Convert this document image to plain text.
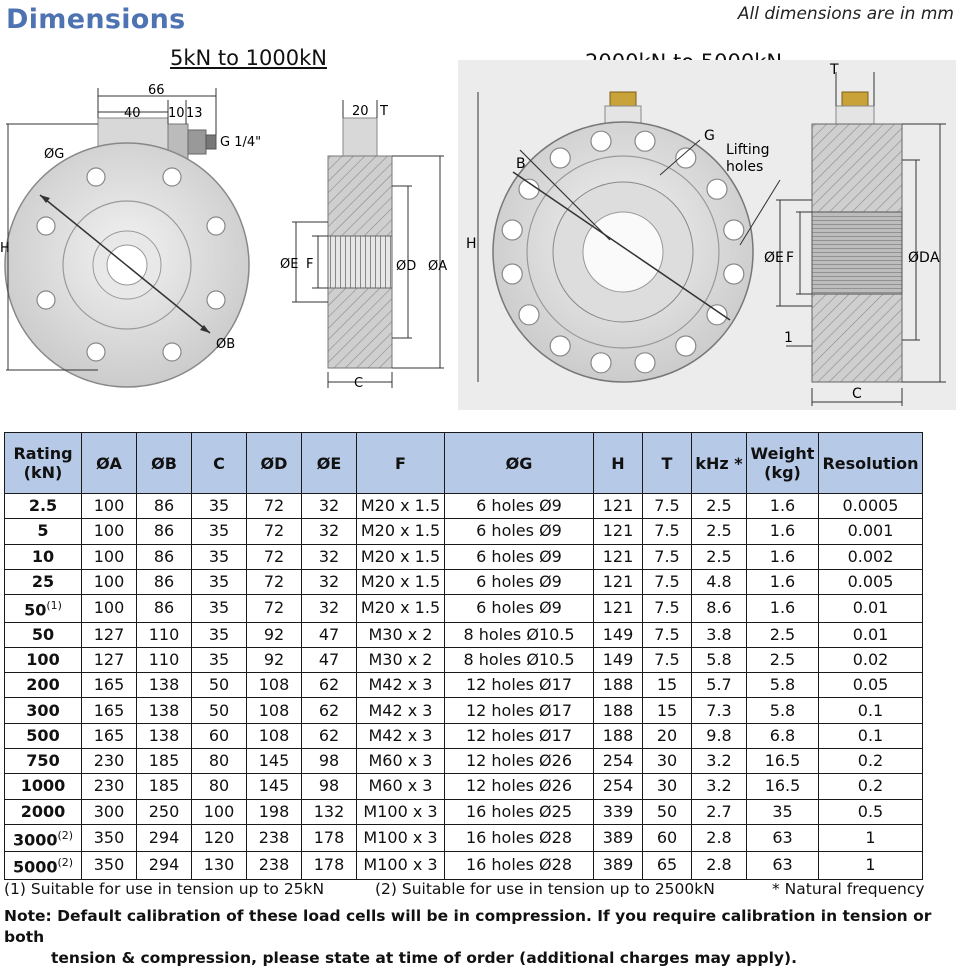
Dimensions	All dimensions are in mm
5kN to 1000kN
66
40 10 13
G 1/4"
ØG
H
ØB
20 T
ØE F	ØD ØA
C
B
G
Lifting
holes
H
T
ØE F	ØD A
1
C
Rating (kN)	ØA	ØB	C	ØD	ØE	F	ØG	H	T	kHz *	Weight (kg)	Resolution
2.5	100	86	35	72	32	M20 x 1.5	6 holes Ø9	121	7.5	2.5	1.6	0.0005
5	100	86	35	72	32	M20 x 1.5	6 holes Ø9	121	7.5	2.5	1.6	0.001
10	100	86	35	72	32	M20 x 1.5	6 holes Ø9	121	7.5	2.5	1.6	0.002
25	100	86	35	72	32	M20 x 1.5	6 holes Ø9	121	7.5	4.8	1.6	0.005
50$^{(1)}$	100	86	35	72	32	M20 x 1.5	6 holes Ø9	121	7.5	8.6	1.6	0.01
50	127	110	35	92	47	M30 x 2	8 holes Ø10.5	149	7.5	3.8	2.5	0.01
100	127	110	35	92	47	M30 x 2	8 holes Ø10.5	149	7.5	5.8	2.5	0.02
200	165	138	50	108	62	M42 x 3	12 holes Ø17	188	15	5.7	5.8	0.05
300	165	138	50	108	62	M42 x 3	12 holes Ø17	188	15	7.3	5.8	0.1
500	165	138	60	108	62	M42 x 3	12 holes Ø17	188	20	9.8	6.8	0.1
750	230	185	80	145	98	M60 x 3	12 holes Ø26	254	30	3.2	16.5	0.2
1000	230	185	80	145	98	M60 x 3	12 holes Ø26	254	30	3.2	16.5	0.2
2000	300	250	100	198	132	M100 x 3	16 holes Ø25	339	50	2.7	35	0.5
3000$^{(2)}$	350	294	120	238	178	M100 x 3	16 holes Ø28	389	60	2.8	63	1
5000$^{(2)}$	350	294	130	238	178	M100 x 3	16 holes Ø28	389	65	2.8	63	1
(1) Suitable for use in tension up to 25kN	(2) Suitable for use in tension up to 2500kN	* Natural frequency
Note: Default calibration of these load cells will be in compression. If you require calibration in tension or both
tension & compression, please state at time of order (additional charges may apply).
